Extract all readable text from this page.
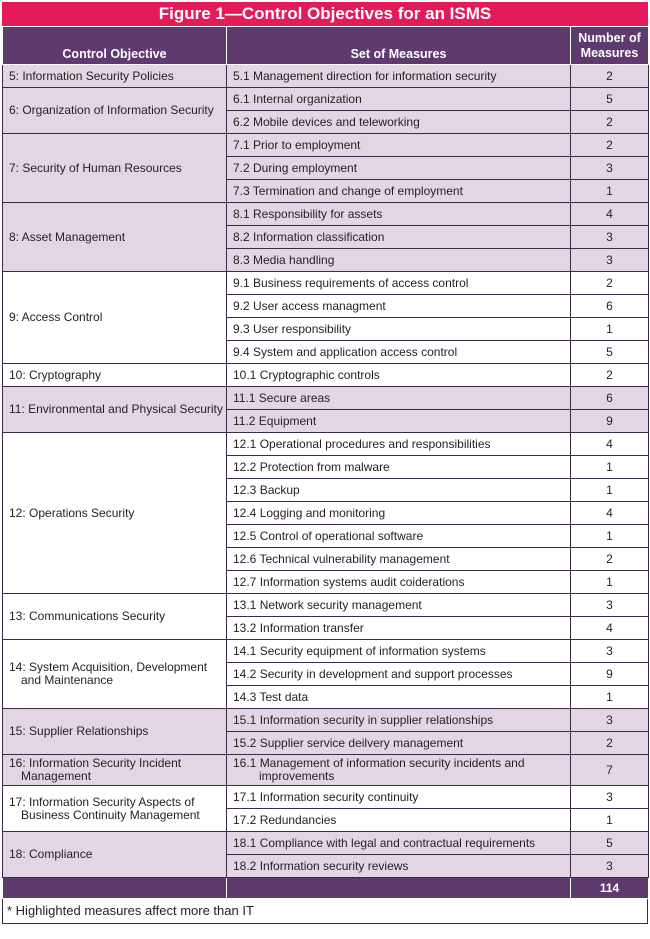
Figure 1—Control Objectives for an ISMS
Control Objective	Set of Measures	Number of
Measures
5: Information Security Policies	5.1 Management direction for information security	2
6: Organization of Information Security	6.1 Internal organization	5
	6.2 Mobile devices and teleworking	2
7: Security of Human Resources	7.1 Prior to employment	2
	7.2 During employment	3
	7.3 Termination and change of employment	1
8: Asset Management	8.1 Responsibility for assets	4
	8.2 Information classification	3
	8.3 Media handling	3
9: Access Control	9.1 Business requirements of access control	2
	9.2 User access managment	6
	9.3 User responsibility	1
	9.4 System and application access control	5
10: Cryptography	10.1 Cryptographic controls	2
11: Environmental and Physical Security	11.1 Secure areas	6
	11.2 Equipment	9
12: Operations Security	12.1 Operational procedures and responsibilities	4
	12.2 Protection from malware	1
	12.3 Backup	1
	12.4 Logging and monitoring	4
	12.5 Control of operational software	1
	12.6 Technical vulnerability management	2
	12.7 Information systems audit coiderations	1
13: Communications Security	13.1 Network security management	3
	13.2 Information transfer	4
14: System Acquisition, Development
and Maintenance	14.1 Security equipment of information systems	3
	14.2 Security in development and support processes	9
	14.3 Test data	1
15: Supplier Relationships	15.1 Information security in supplier relationships	3
	15.2 Supplier service deilvery management	2
16: Information Security Incident
Management	16.1 Management of information security incidents and
improvements	7
17: Information Security Aspects of
Business Continuity Management	17.1 Information security continuity	3
	17.2 Redundancies	1
18: Compliance	18.1 Compliance with legal and contractual requirements	5
	18.2 Information security reviews	3
		114
* Highlighted measures affect more than IT
